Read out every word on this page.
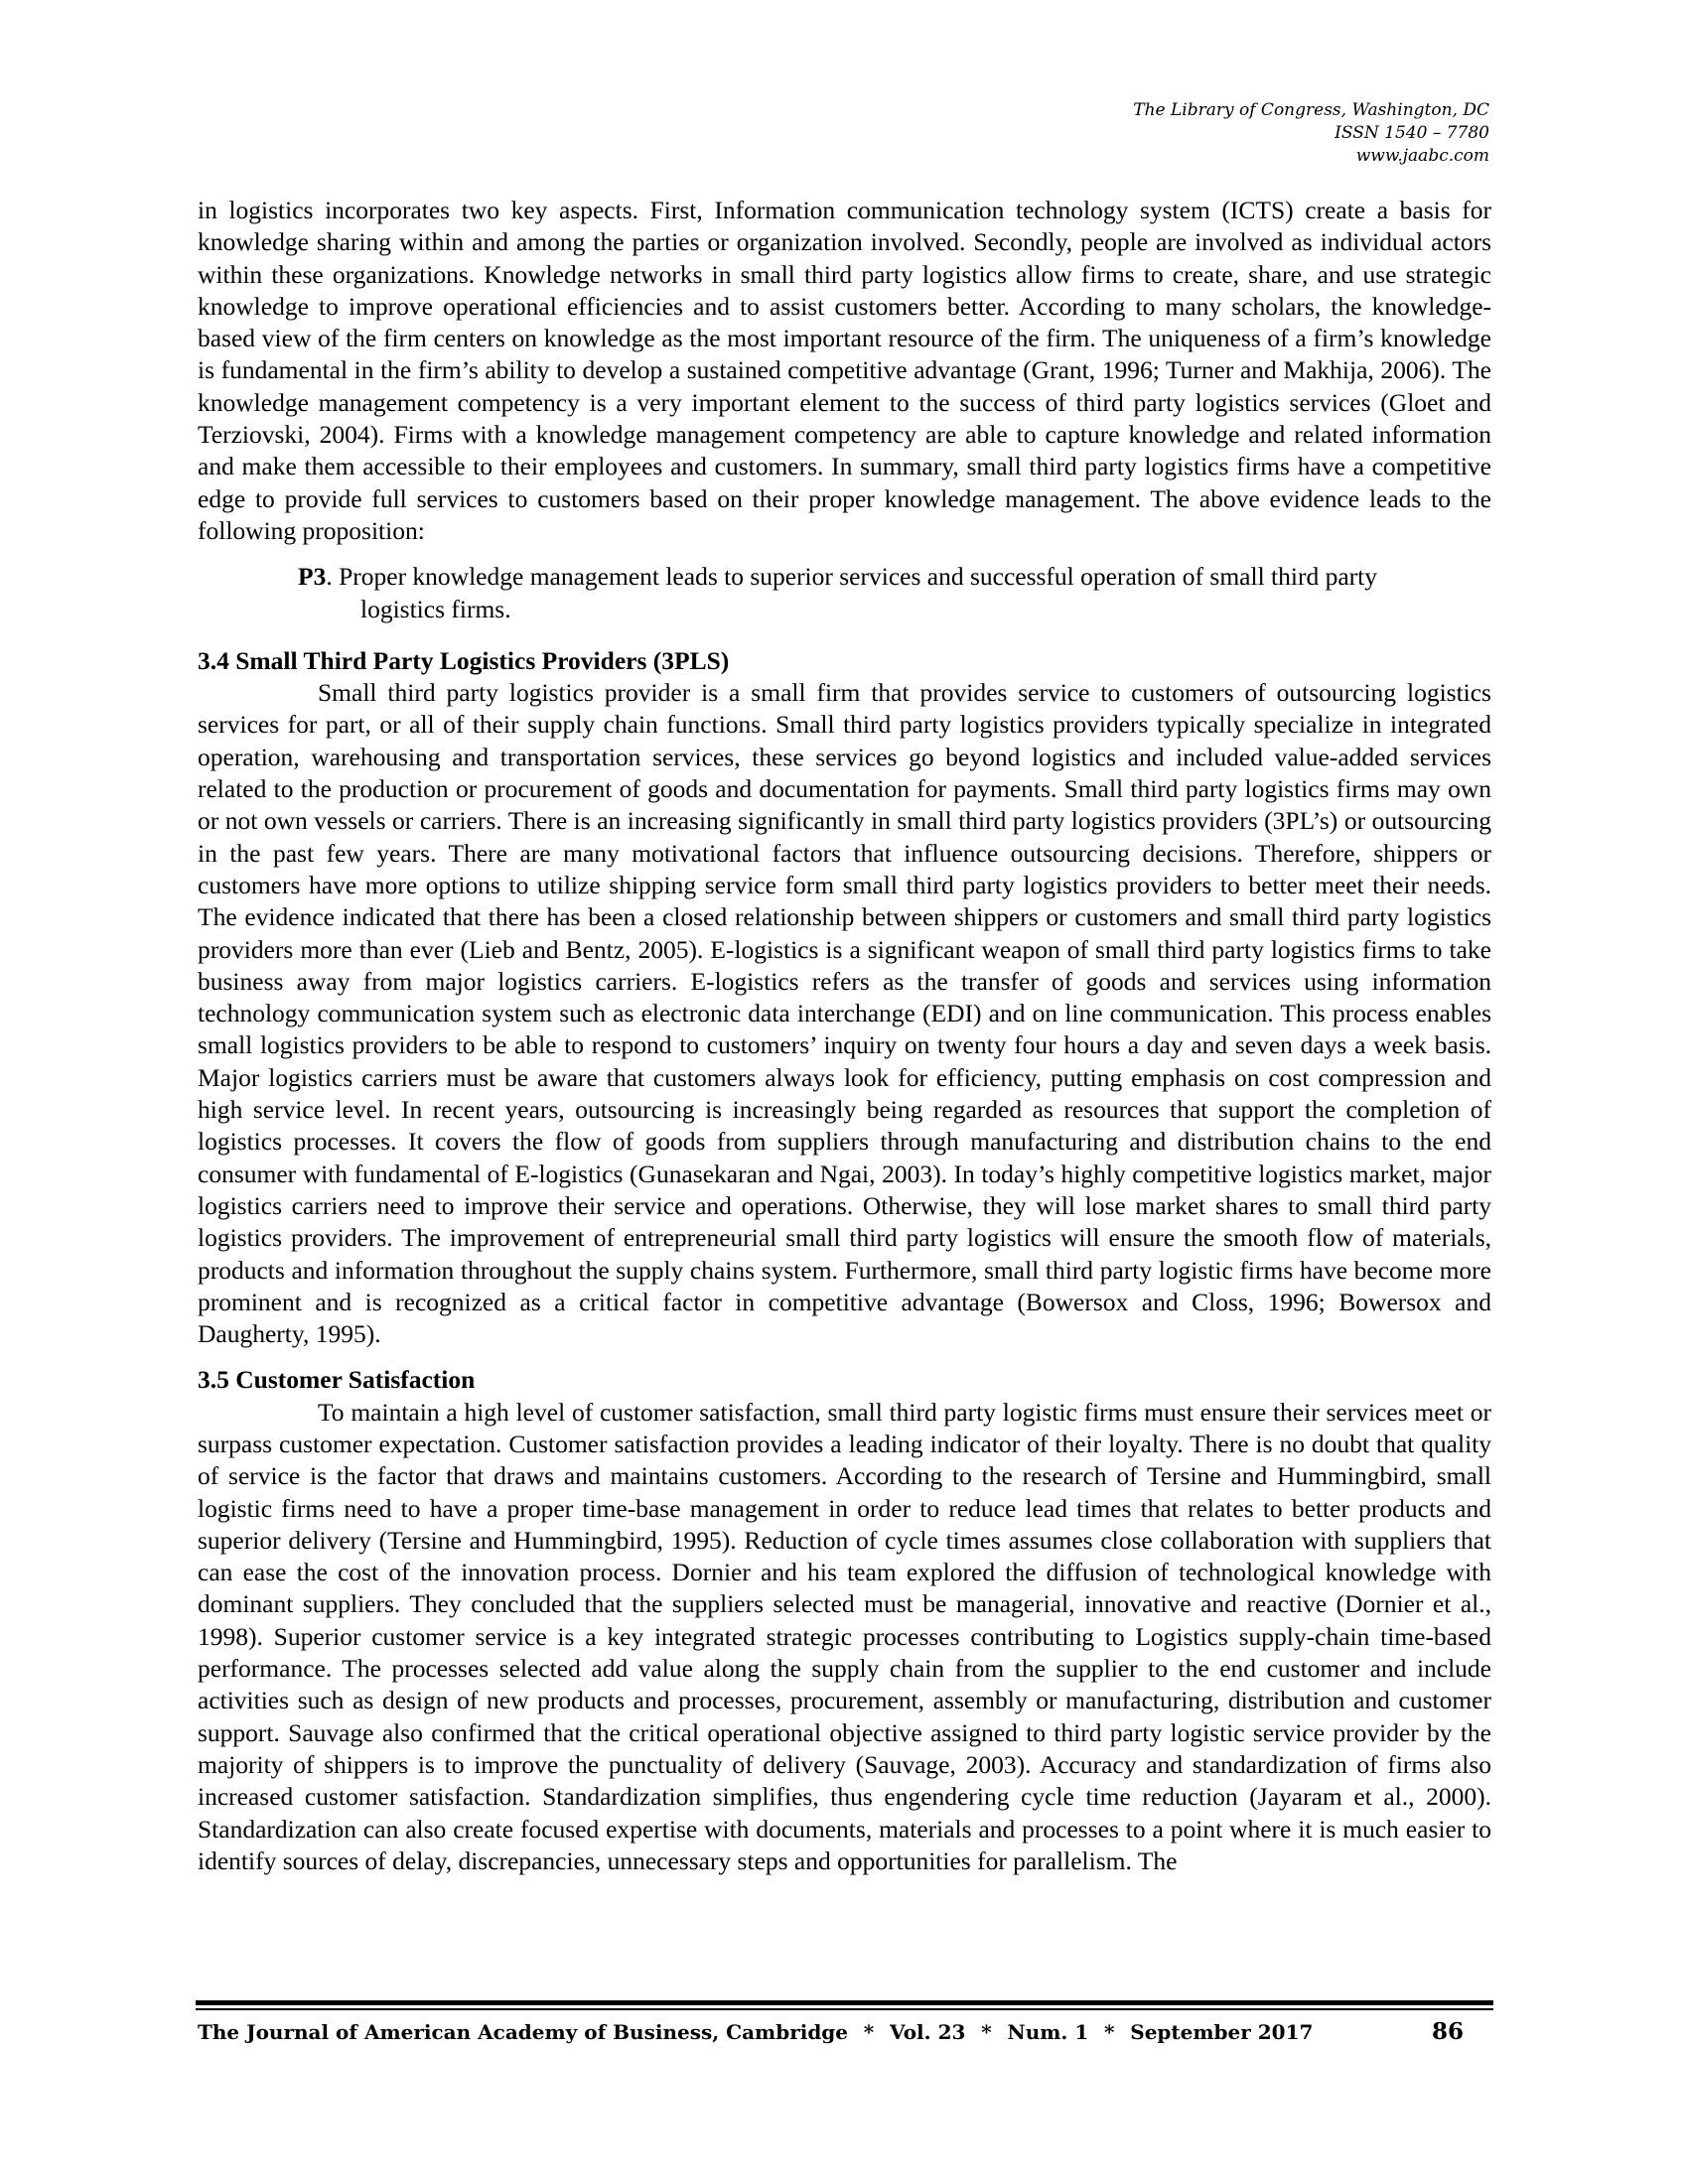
The Library of Congress, Washington, DC
ISSN 1540 – 7780
www.jaabc.com

in logistics incorporates two key aspects. First, Information communication technology system (ICTS) create a basis for knowledge sharing within and among the parties or organization involved. Secondly, people are involved as individual actors within these organizations. Knowledge networks in small third party logistics allow firms to create, share, and use strategic knowledge to improve operational efficiencies and to assist customers better. According to many scholars, the knowledge-based view of the firm centers on knowledge as the most important resource of the firm. The uniqueness of a firm’s knowledge is fundamental in the firm’s ability to develop a sustained competitive advantage (Grant, 1996; Turner and Makhija, 2006). The knowledge management competency is a very important element to the success of third party logistics services (Gloet and Terziovski, 2004). Firms with a knowledge management competency are able to capture knowledge and related information and make them accessible to their employees and customers. In summary, small third party logistics firms have a competitive edge to provide full services to customers based on their proper knowledge management. The above evidence leads to the following proposition:

P3. Proper knowledge management leads to superior services and successful operation of small third party
logistics firms.

3.4 Small Third Party Logistics Providers (3PLS)

Small third party logistics provider is a small firm that provides service to customers of outsourcing logistics services for part, or all of their supply chain functions. Small third party logistics providers typically specialize in integrated operation, warehousing and transportation services, these services go beyond logistics and included value-added services related to the production or procurement of goods and documentation for payments. Small third party logistics firms may own or not own vessels or carriers. There is an increasing significantly in small third party logistics providers (3PL’s) or outsourcing in the past few years. There are many motivational factors that influence outsourcing decisions. Therefore, shippers or customers have more options to utilize shipping service form small third party logistics providers to better meet their needs. The evidence indicated that there has been a closed relationship between shippers or customers and small third party logistics providers more than ever (Lieb and Bentz, 2005). E-logistics is a significant weapon of small third party logistics firms to take business away from major logistics carriers. E-logistics refers as the transfer of goods and services using information technology communication system such as electronic data interchange (EDI) and on line communication. This process enables small logistics providers to be able to respond to customers’ inquiry on twenty four hours a day and seven days a week basis. Major logistics carriers must be aware that customers always look for efficiency, putting emphasis on cost compression and high service level. In recent years, outsourcing is increasingly being regarded as resources that support the completion of logistics processes. It covers the flow of goods from suppliers through manufacturing and distribution chains to the end consumer with fundamental of E-logistics (Gunasekaran and Ngai, 2003). In today’s highly competitive logistics market, major logistics carriers need to improve their service and operations. Otherwise, they will lose market shares to small third party logistics providers. The improvement of entrepreneurial small third party logistics will ensure the smooth flow of materials, products and information throughout the supply chains system. Furthermore, small third party logistic firms have become more prominent and is recognized as a critical factor in competitive advantage (Bowersox and Closs, 1996; Bowersox and Daugherty, 1995).

3.5 Customer Satisfaction

To maintain a high level of customer satisfaction, small third party logistic firms must ensure their services meet or surpass customer expectation. Customer satisfaction provides a leading indicator of their loyalty. There is no doubt that quality of service is the factor that draws and maintains customers. According to the research of Tersine and Hummingbird, small logistic firms need to have a proper time-base management in order to reduce lead times that relates to better products and superior delivery (Tersine and Hummingbird, 1995). Reduction of cycle times assumes close collaboration with suppliers that can ease the cost of the innovation process. Dornier and his team explored the diffusion of technological knowledge with dominant suppliers. They concluded that the suppliers selected must be managerial, innovative and reactive (Dornier et al., 1998). Superior customer service is a key integrated strategic processes contributing to Logistics supply-chain time-based performance. The processes selected add value along the supply chain from the supplier to the end customer and include activities such as design of new products and processes, procurement, assembly or manufacturing, distribution and customer support. Sauvage also confirmed that the critical operational objective assigned to third party logistic service provider by the majority of shippers is to improve the punctuality of delivery (Sauvage, 2003). Accuracy and standardization of firms also increased customer satisfaction. Standardization simplifies, thus engendering cycle time reduction (Jayaram et al., 2000). Standardization can also create focused expertise with documents, materials and processes to a point where it is much easier to identify sources of delay, discrepancies, unnecessary steps and opportunities for parallelism. The

The Journal of American Academy of Business, Cambridge * Vol. 23 * Num. 1 * September 2017	86
